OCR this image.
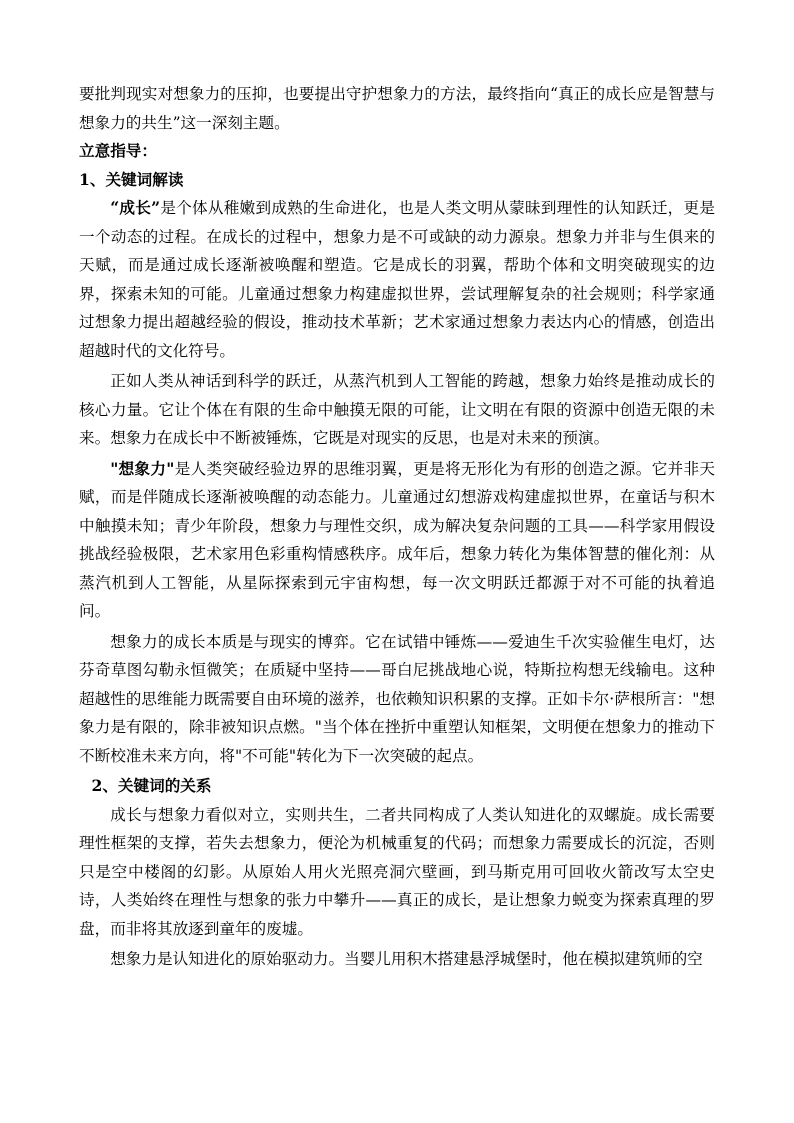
要批判现实对想象力的压抑，也要提出守护想象力的方法，最终指向“真正的成长应是智慧与想象力的共生”这一深刻主题。

立意指导：

1、关键词解读

“成长”是个体从稚嫩到成熟的生命进化，也是人类文明从蒙昧到理性的认知跃迁，更是一个动态的过程。在成长的过程中，想象力是不可或缺的动力源泉。想象力并非与生俱来的天赋，而是通过成长逐渐被唤醒和塑造。它是成长的羽翼，帮助个体和文明突破现实的边界，探索未知的可能。儿童通过想象力构建虚拟世界，尝试理解复杂的社会规则；科学家通过想象力提出超越经验的假设，推动技术革新；艺术家通过想象力表达内心的情感，创造出超越时代的文化符号。

正如人类从神话到科学的跃迁，从蒸汽机到人工智能的跨越，想象力始终是推动成长的核心力量。它让个体在有限的生命中触摸无限的可能，让文明在有限的资源中创造无限的未来。想象力在成长中不断被锤炼，它既是对现实的反思，也是对未来的预演。

"想象力"是人类突破经验边界的思维羽翼，更是将无形化为有形的创造之源。它并非天赋，而是伴随成长逐渐被唤醒的动态能力。儿童通过幻想游戏构建虚拟世界，在童话与积木中触摸未知；青少年阶段，想象力与理性交织，成为解决复杂问题的工具——科学家用假设挑战经验极限，艺术家用色彩重构情感秩序。成年后，想象力转化为集体智慧的催化剂：从蒸汽机到人工智能，从星际探索到元宇宙构想，每一次文明跃迁都源于对不可能的执着追问。

想象力的成长本质是与现实的博弈。它在试错中锤炼——爱迪生千次实验催生电灯，达芬奇草图勾勒永恒微笑；在质疑中坚持——哥白尼挑战地心说，特斯拉构想无线输电。这种超越性的思维能力既需要自由环境的滋养，也依赖知识积累的支撑。正如卡尔·萨根所言："想象力是有限的，除非被知识点燃。"当个体在挫折中重塑认知框架，文明便在想象力的推动下不断校准未来方向，将"不可能"转化为下一次突破的起点。

2、关键词的关系

成长与想象力看似对立，实则共生，二者共同构成了人类认知进化的双螺旋。成长需要理性框架的支撑，若失去想象力，便沦为机械重复的代码；而想象力需要成长的沉淀，否则只是空中楼阁的幻影。从原始人用火光照亮洞穴壁画，到马斯克用可回收火箭改写太空史诗，人类始终在理性与想象的张力中攀升——真正的成长，是让想象力蜕变为探索真理的罗盘，而非将其放逐到童年的废墟。

想象力是认知进化的原始驱动力。当婴儿用积木搭建悬浮城堡时，他在模拟建筑师的空
